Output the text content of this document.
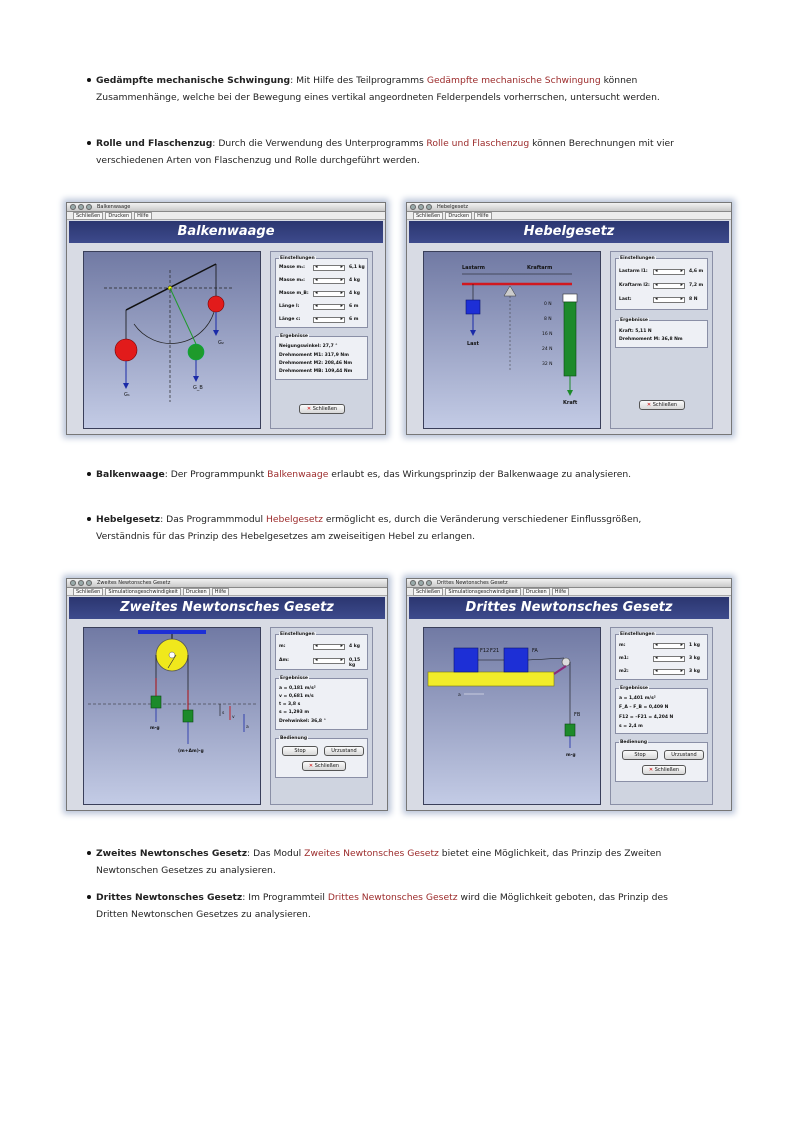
Gedämpfte mechanische Schwingung: Mit Hilfe des Teilprogramms Gedämpfte mechanische Schwingung können Zusammenhänge, welche bei der Bewegung eines vertikal angeordneten Felderpendels vorherrschen, untersucht werden.
Rolle und Flaschenzug: Durch die Verwendung des Unterprogramms Rolle und Flaschenzug können Berechnungen mit vier verschiedenen Arten von Flaschenzug und Rolle durchgeführt werden.
Balkenwaage
Schließen Drucken Hilfe
Balkenwaage
G₁
G₂
G_B
Einstellungen
Masse m₁: ◂ ▸	6,1 kg
Masse m₂: ◂ ▸	4 kg
Masse m_B: ◂ ▸	4 kg
Länge l: ◂ ▸	6 m
Länge c: ◂ ▸	6 m
Ergebnisse
Neigungswinkel: 27,7 °
Drehmoment M1: 317,9 Nm
Drehmoment M2: 208,46 Nm
Drehmoment MB: 109,44 Nm
✕ Schließen
Hebelgesetz
Schließen Drucken Hilfe
Hebelgesetz
Lastarm	Kraftarm
Last
0 N
8 N
16 N
24 N
32 N
Kraft
Einstellungen
Lastarm l1: ◂ ▸	4,6 m
Kraftarm l2: ◂ ▸	7,2 m
Last: ◂ ▸	8 N
Ergebnisse
Kraft: 5,11 N
Drehmoment M: 36,8 Nm
✕ Schließen
Balkenwaage: Der Programmpunkt Balkenwaage erlaubt es, das Wirkungsprinzip der Balkenwaage zu analysieren.
Hebelgesetz: Das Programmmodul Hebelgesetz ermöglicht es, durch die Veränderung verschiedener Einflussgrößen, Verständnis für das Prinzip des Hebelgesetzes am zweiseitigen Hebel zu erlangen.
Zweites Newtonsches Gesetz
Schließen Simulationsgeschwindigkeit Drucken Hilfe
Zweites Newtonsches Gesetz
m·g
(m+Δm)·g
s
v
a
Einstellungen
m: ◂ ▸	4 kg
Δm: ◂ ▸	0,15 kg
Ergebnisse
a = 0,181 m/s²
v = 0,681 m/s
t = 3,8 s
s = 1,293 m
Drehwinkel: 36,8 °
Bedienung
Stop	Urzustand
✕ Schließen
Drittes Newtonsches Gesetz
Schließen Simulationsgeschwindigkeit Drucken Hilfe
Drittes Newtonsches Gesetz
m·g
F12 F21	FA
FB
a
Einstellungen
m: ◂ ▸	1 kg
m1: ◂ ▸	3 kg
m2: ◂ ▸	3 kg
Ergebnisse
a = 1,401 m/s²
F_A – F_B = 0,409 N
F12 = –F21 = 4,204 N
s = 2,4 m
Bedienung
Stop	Urzustand
✕ Schließen
Zweites Newtonsches Gesetz: Das Modul Zweites Newtonsches Gesetz bietet eine Möglichkeit, das Prinzip des Zweiten Newtonschen Gesetzes zu analysieren.
Drittes Newtonsches Gesetz: Im Programmteil Drittes Newtonsches Gesetz wird die Möglichkeit geboten, das Prinzip des Dritten Newtonschen Gesetzes zu analysieren.
